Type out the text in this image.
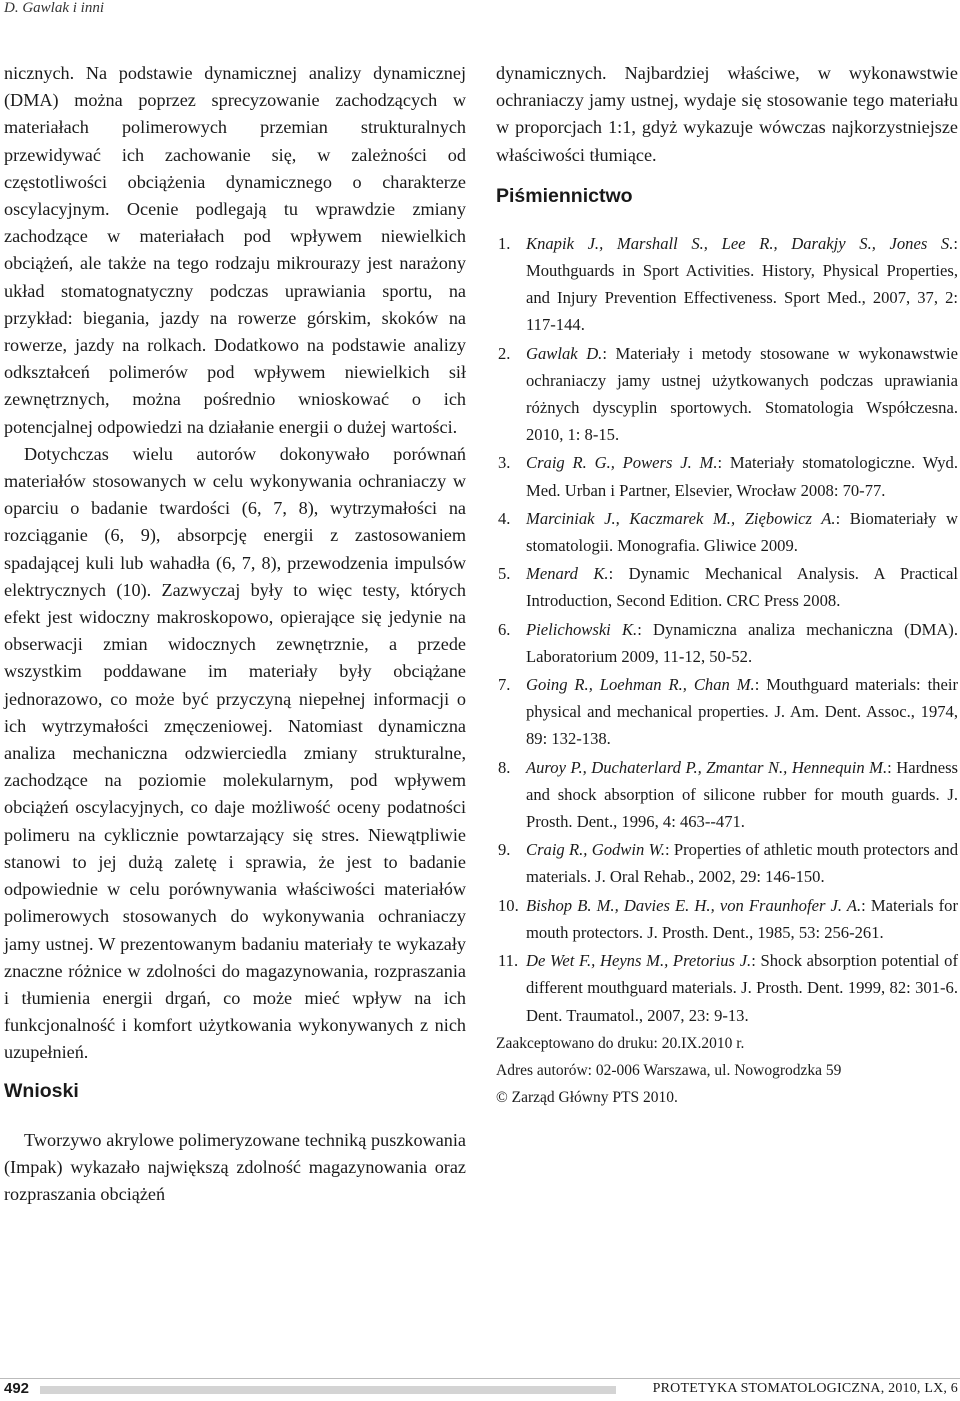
D. Gawlak i inni

nicznych. Na podstawie dynamicznej analizy dynamicznej (DMA) można poprzez sprecyzowanie zachodzących w materiałach polimerowych przemian strukturalnych przewidywać ich zachowanie się, w zależności od częstotliwości obciążenia dynamicznego o charakterze oscylacyjnym. Ocenie podlegają tu wprawdzie zmiany zachodzące w materiałach pod wpływem niewielkich obciążeń, ale także na tego rodzaju mikrourazy jest narażony układ stomatognatyczny podczas uprawiania sportu, na przykład: biegania, jazdy na rowerze górskim, skoków na rowerze, jazdy na rolkach. Dodatkowo na podstawie analizy odkształceń polimerów pod wpływem niewielkich sił zewnętrznych, można pośrednio wnioskować o ich potencjalnej odpowiedzi na działanie energii o dużej wartości.

Dotychczas wielu autorów dokonywało porównań materiałów stosowanych w celu wykonywania ochraniaczy w oparciu o badanie twardości (6, 7, 8), wytrzymałości na rozciąganie (6, 9), absorpcję energii z zastosowaniem spadającej kuli lub wahadła (6, 7, 8), przewodzenia impulsów elektrycznych (10). Zazwyczaj były to więc testy, których efekt jest widoczny makroskopowo, opierające się jedynie na obserwacji zmian widocznych zewnętrznie, a przede wszystkim poddawane im materiały były obciążane jednorazowo, co może być przyczyną niepełnej informacji o ich wytrzymałości zmęczeniowej. Natomiast dynamiczna analiza mechaniczna odzwierciedla zmiany strukturalne, zachodzące na poziomie molekularnym, pod wpływem obciążeń oscylacyjnych, co daje możliwość oceny podatności polimeru na cyklicznie powtarzający się stres. Niewątpliwie stanowi to jej dużą zaletę i sprawia, że jest to badanie odpowiednie w celu porównywania właściwości materiałów polimerowych stosowanych do wykonywania ochraniaczy jamy ustnej. W prezentowanym badaniu materiały te wykazały znaczne różnice w zdolności do magazynowania, rozpraszania i tłumienia energii drgań, co może mieć wpływ na ich funkcjonalność i komfort użytkowania wykonywanych z nich uzupełnień.

Wnioski

Tworzywo akrylowe polimeryzowane techniką puszkowania (Impak) wykazało największą zdolność magazynowania oraz rozpraszania obciążeń

dynamicznych. Najbardziej właściwe, w wykonawstwie ochraniaczy jamy ustnej, wydaje się stosowanie tego materiału w proporcjach 1:1, gdyż wykazuje wówczas najkorzystniejsze właściwości tłumiące.

Piśmiennictwo
1. Knapik J., Marshall S., Lee R., Darakjy S., Jones S.: Mouthguards in Sport Activities. History, Physical Properties, and Injury Prevention Effectiveness. Sport Med., 2007, 37, 2: 117-144.
2. Gawlak D.: Materiały i metody stosowane w wykonawstwie ochraniaczy jamy ustnej użytkowanych podczas uprawiania różnych dyscyplin sportowych. Stomatologia Współczesna. 2010, 1: 8-15.
3. Craig R. G., Powers J. M.: Materiały stomatologiczne. Wyd. Med. Urban i Partner, Elsevier, Wrocław 2008: 70-77.
4. Marciniak J., Kaczmarek M., Ziębowicz A.: Biomateriały w stomatologii. Monografia. Gliwice 2009.
5. Menard K.: Dynamic Mechanical Analysis. A Practical Introduction, Second Edition. CRC Press 2008.
6. Pielichowski K.: Dynamiczna analiza mechaniczna (DMA). Laboratorium 2009, 11-12, 50-52.
7. Going R., Loehman R., Chan M.: Mouthguard materials: their physical and mechanical properties. J. Am. Dent. Assoc., 1974, 89: 132-138.
8. Auroy P., Duchaterlard P., Zmantar N., Hennequin M.: Hardness and shock absorption of silicone rubber for mouth guards. J. Prosth. Dent., 1996, 4: 463--471.
9. Craig R., Godwin W.: Properties of athletic mouth protectors and materials. J. Oral Rehab., 2002, 29: 146-150.
10. Bishop B. M., Davies E. H., von Fraunhofer J. A.: Materials for mouth protectors. J. Prosth. Dent., 1985, 53: 256-261.
11. De Wet F., Heyns M., Pretorius J.: Shock absorption potential of different mouthguard materials. J. Prosth. Dent. 1999, 82: 301-6. Dent. Traumatol., 2007, 23: 9-13.

Zaakceptowano do druku: 20.IX.2010 r.

Adres autorów: 02-006 Warszawa, ul. Nowogrodzka 59

© Zarząd Główny PTS 2010.

492	PROTETYKA STOMATOLOGICZNA, 2010, LX, 6
